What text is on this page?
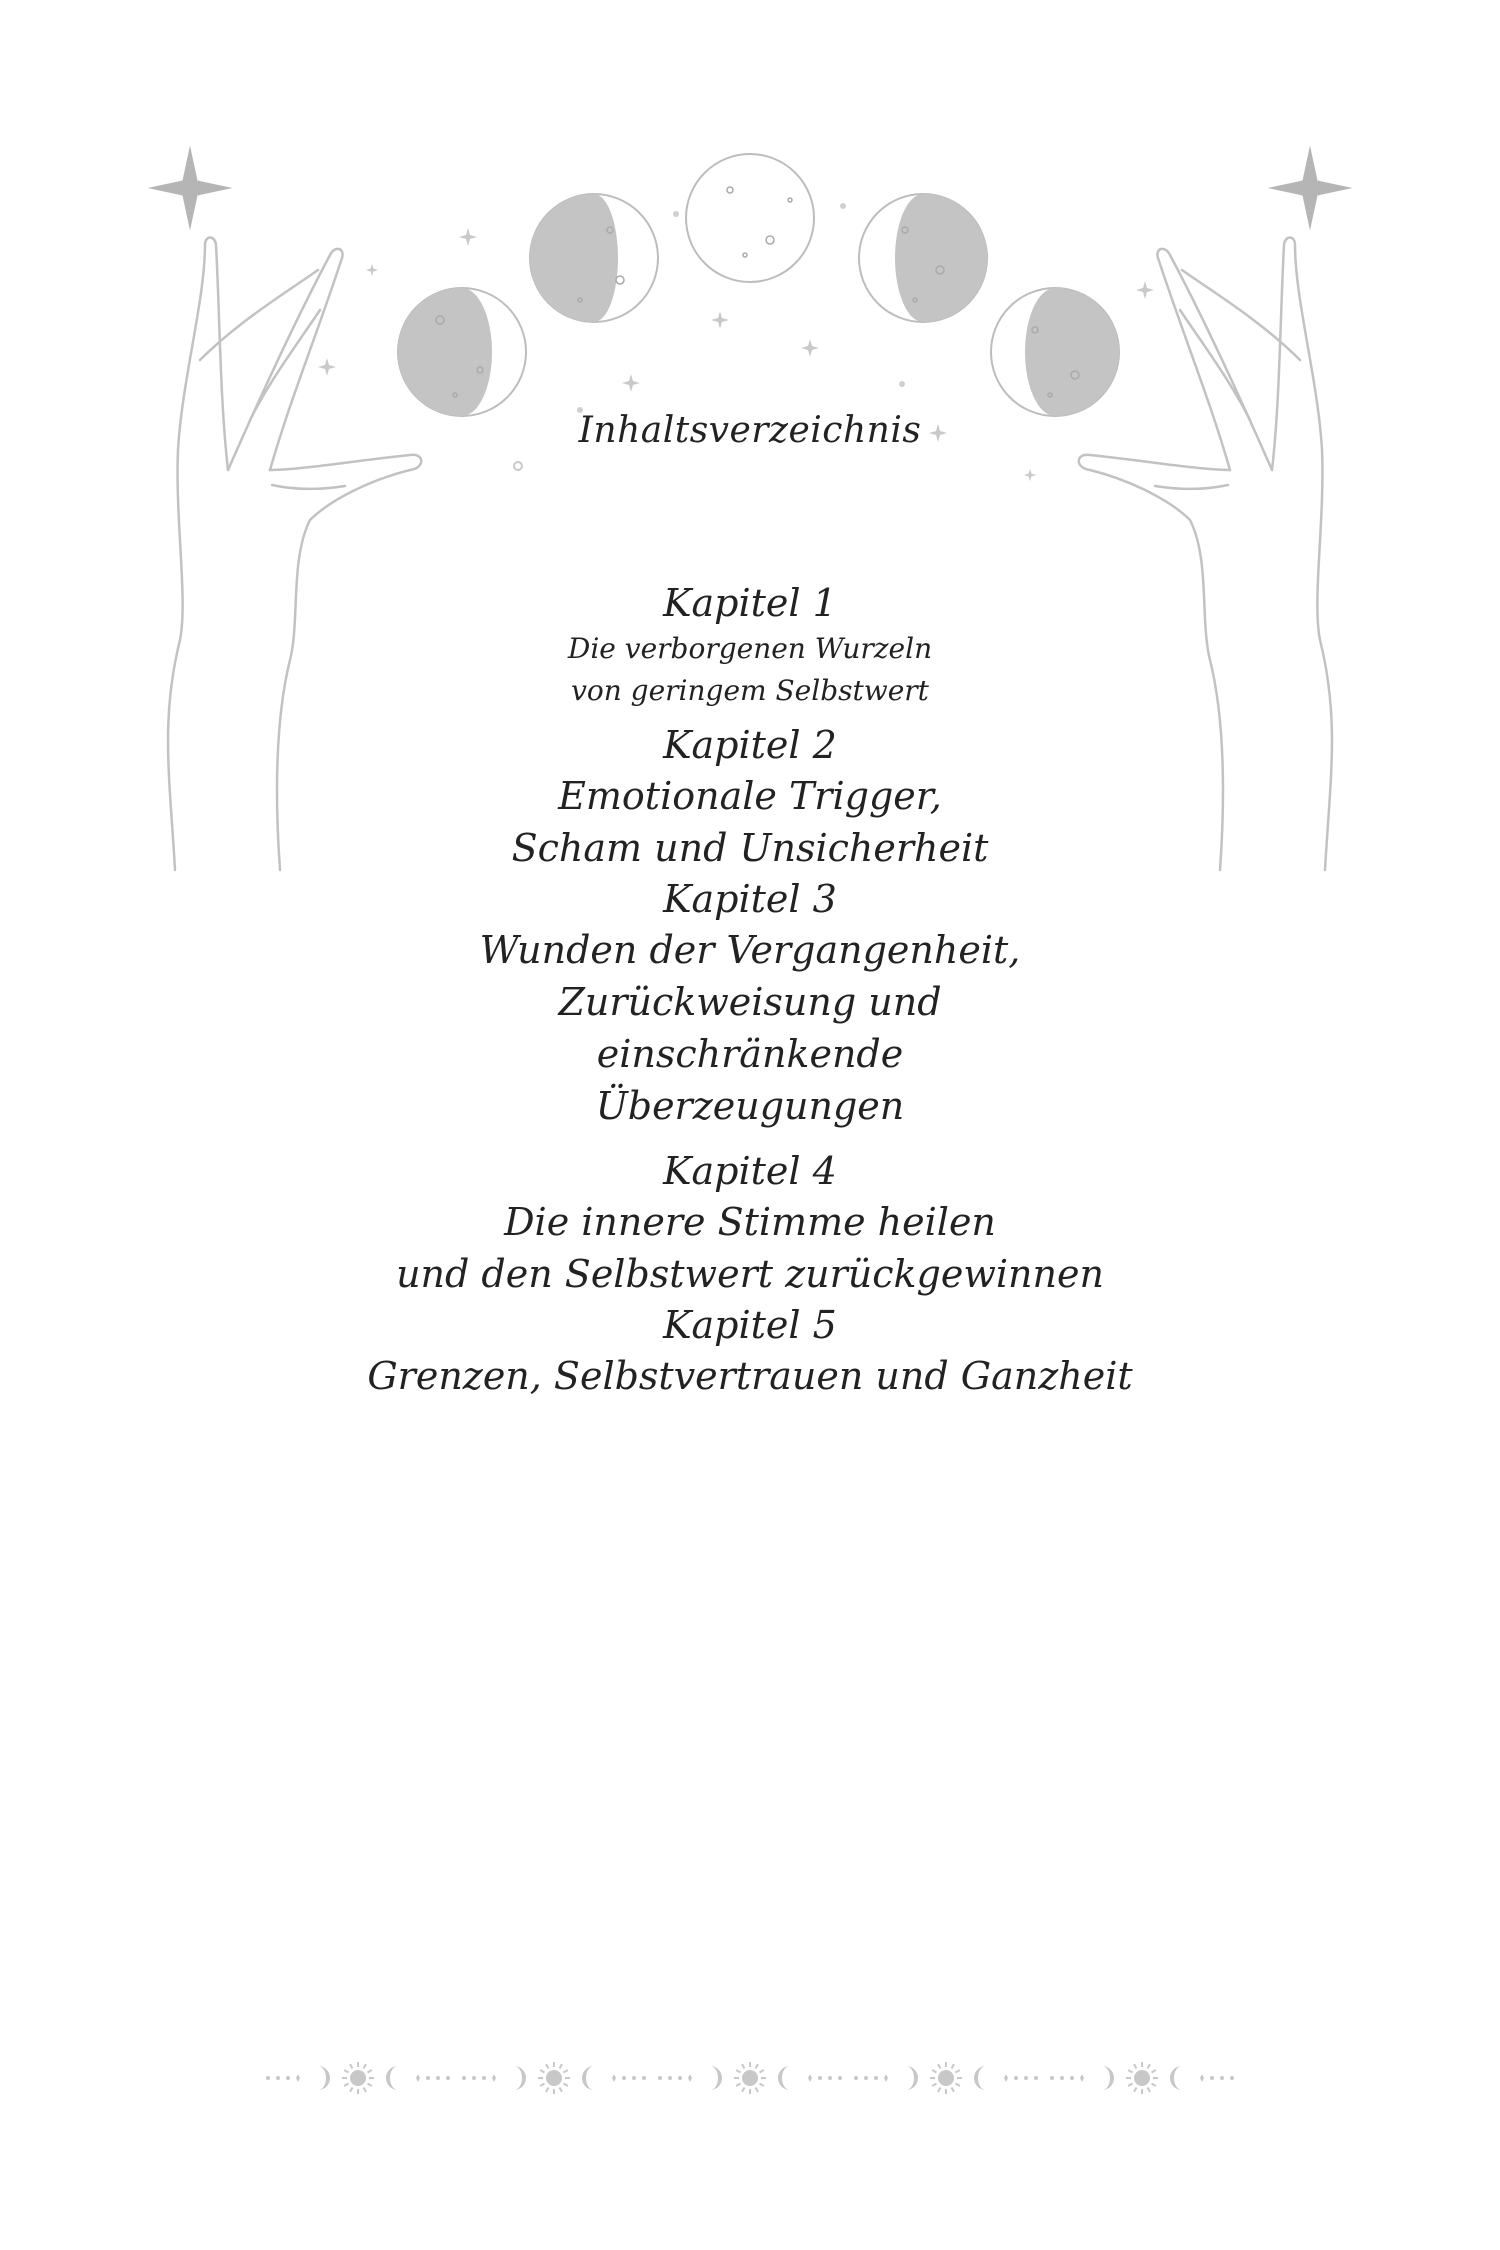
Inhaltsverzeichnis
Kapitel 1
Die verborgenen Wurzeln
von geringem Selbstwert
Kapitel 2
Emotionale Trigger,
Scham und Unsicherheit
Kapitel 3
Wunden der Vergangenheit,
Zurückweisung und
einschränkende
Überzeugungen
Kapitel 4
Die innere Stimme heilen
und den Selbstwert zurückgewinnen
Kapitel 5
Grenzen, Selbstvertrauen und Ganzheit
